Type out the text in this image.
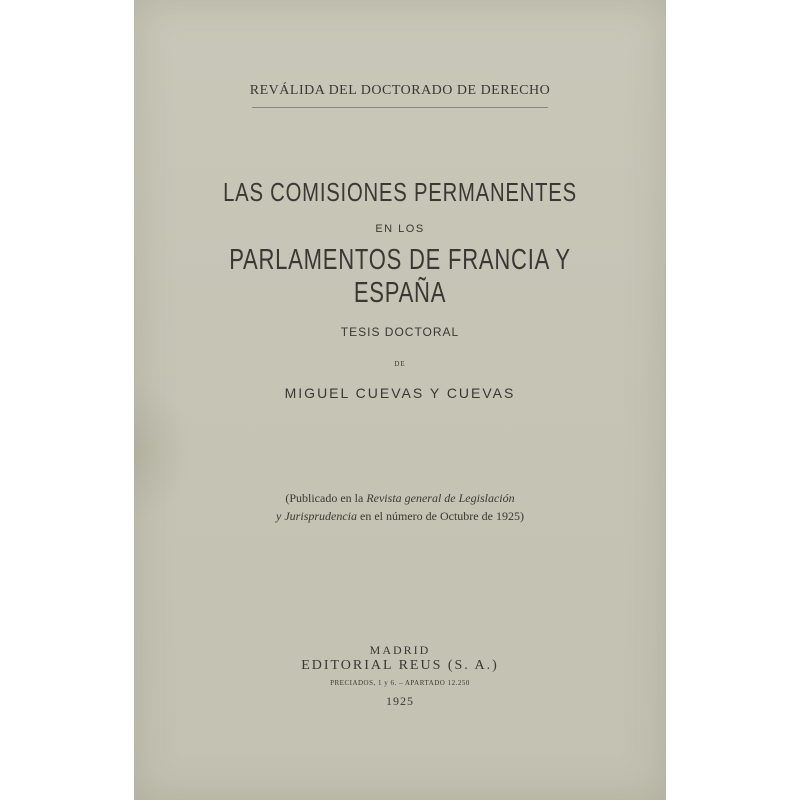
REVÁLIDA DEL DOCTORADO DE DERECHO
LAS COMISIONES PERMANENTES
EN LOS
PARLAMENTOS DE FRANCIA Y ESPAÑA
TESIS DOCTORAL
DE
MIGUEL CUEVAS Y CUEVAS
(Publicado en la Revista general de Legislación
y Jurisprudencia en el número de Octubre de 1925)
MADRID
EDITORIAL REUS (S. A.)
PRECIADOS, 1 y 6. – APARTADO 12.250
1925
